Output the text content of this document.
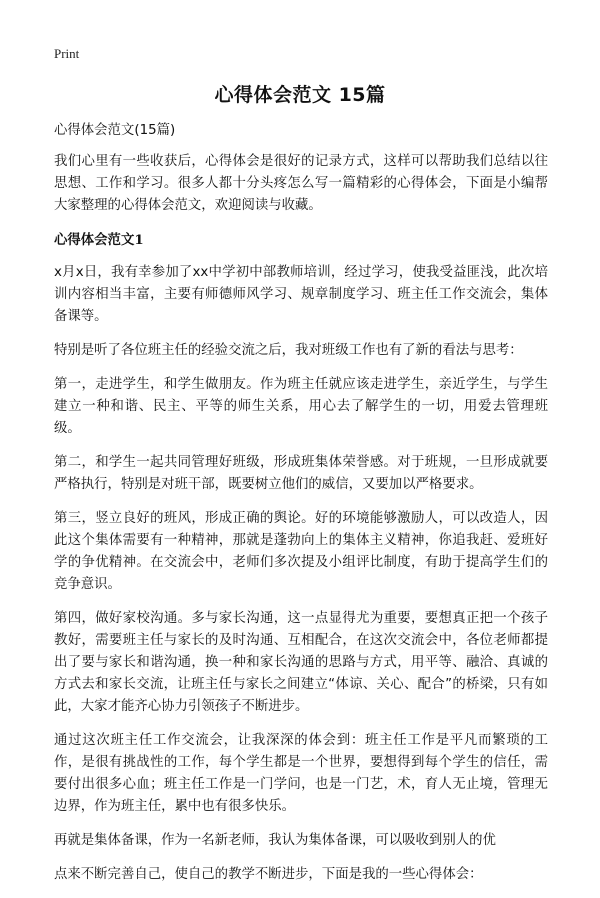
Print
心得体会范文 15篇

心得体会范文(15篇)

我们心里有一些收获后，心得体会是很好的记录方式，这样可以帮助我们总结以往思想、工作和学习。很多人都十分头疼怎么写一篇精彩的心得体会，下面是小编帮大家整理的心得体会范文，欢迎阅读与收藏。

心得体会范文1

x月x日，我有幸参加了xx中学初中部教师培训，经过学习，使我受益匪浅，此次培训内容相当丰富，主要有师德师风学习、规章制度学习、班主任工作交流会，集体备课等。

特别是听了各位班主任的经验交流之后，我对班级工作也有了新的看法与思考：

第一，走进学生，和学生做朋友。作为班主任就应该走进学生，亲近学生，与学生建立一种和谐、民主、平等的师生关系，用心去了解学生的一切，用爱去管理班级。

第二，和学生一起共同管理好班级，形成班集体荣誉感。对于班规，一旦形成就要严格执行，特别是对班干部，既要树立他们的威信，又要加以严格要求。

第三，竖立良好的班风，形成正确的舆论。好的环境能够激励人，可以改造人，因此这个集体需要有一种精神，那就是蓬勃向上的集体主义精神，你追我赶、爱班好学的争优精神。在交流会中，老师们多次提及小组评比制度，有助于提高学生们的竞争意识。

第四，做好家校沟通。多与家长沟通，这一点显得尤为重要，要想真正把一个孩子教好，需要班主任与家长的及时沟通、互相配合，在这次交流会中，各位老师都提出了要与家长和谐沟通，换一种和家长沟通的思路与方式，用平等、融洽、真诚的方式去和家长交流，让班主任与家长之间建立“体谅、关心、配合”的桥梁，只有如此，大家才能齐心协力引领孩子不断进步。

通过这次班主任工作交流会，让我深深的体会到：班主任工作是平凡而繁琐的工作，是很有挑战性的工作，每个学生都是一个世界，要想得到每个学生的信任，需要付出很多心血；班主任工作是一门学问，也是一门艺，术，育人无止境，管理无边界，作为班主任，累中也有很多快乐。

再就是集体备课，作为一名新老师，我认为集体备课，可以吸收到别人的优

点来不断完善自己，使自己的教学不断进步，下面是我的一些心得体会：
